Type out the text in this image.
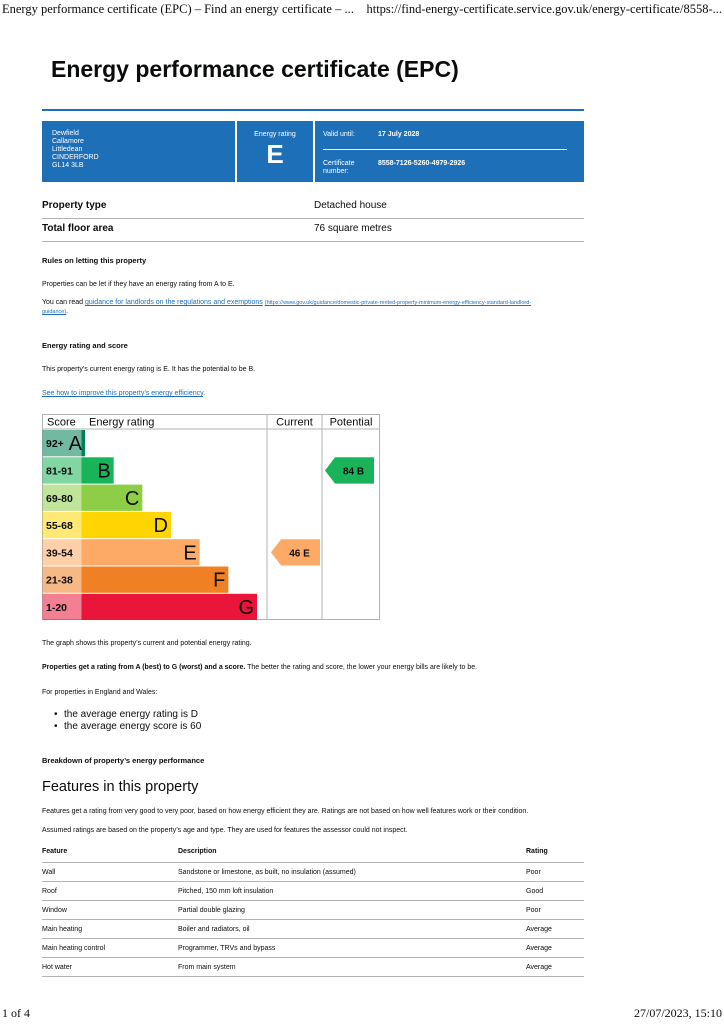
Energy performance certificate (EPC) – Find an energy certificate – ... https://find-energy-certificate.service.gov.uk/energy-certificate/8558-...
Energy performance certificate (EPC)
Dewfield
Callamore
Littledean
CINDERFORD
GL14 3LB
Energy rating
E
Valid until:	17 July 2028
Certificate
number:
8558-7126-5260-4979-2926
Property type	Detached house
Total floor area	76 square metres
Rules on letting this property
Properties can be let if they have an energy rating from A to E.
You can read guidance for landlords on the regulations and exemptions (https://www.gov.uk/guidance/domestic-private-rented-property-minimum-energy-efficiency-standard-landlord-
guidance).
Energy rating and score
This property’s current energy rating is E. It has the potential to be B.
See how to improve this property’s energy efficiency.
Score Energy rating	Current Potential
92+ A
81-91 B
69-80	C
55-68	D
39-54	E
21-38	F
1-20	G
46 E
84 B
The graph shows this property’s current and potential energy rating.
Properties get a rating from A (best) to G (worst) and a score. The better the rating and score, the lower your energy bills are likely to be.
For properties in England and Wales:
• the average energy rating is D
• the average energy score is 60
Breakdown of property’s energy performance
Features in this property
Features get a rating from very good to very poor, based on how energy efficient they are. Ratings are not based on how well features work or their condition.
Assumed ratings are based on the property’s age and type. They are used for features the assessor could not inspect.
Feature	Description	Rating
Wall	Sandstone or limestone, as built, no insulation (assumed)	Poor
Roof	Pitched, 150 mm loft insulation	Good
Window	Partial double glazing	Poor
Main heating	Boiler and radiators, oil	Average
Main heating control	Programmer, TRVs and bypass	Average
Hot water	From main system	Average
1 of 4	27/07/2023, 15:10
